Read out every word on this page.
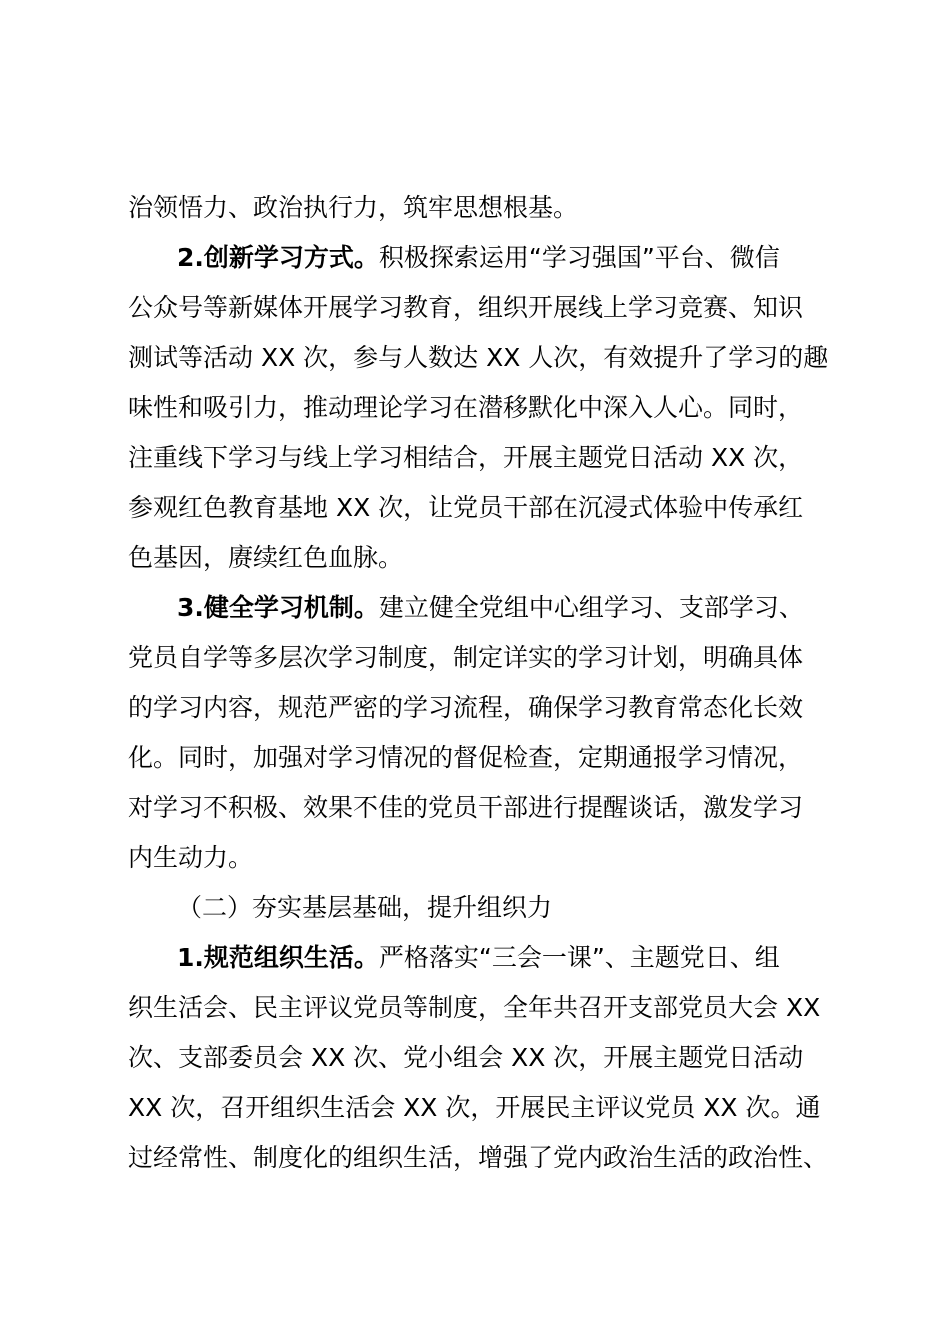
治领悟力、政治执行力，筑牢思想根基。
2.创新学习方式。积极探索运用“学习强国”平台、微信
公众号等新媒体开展学习教育，组织开展线上学习竞赛、知识
测试等活动 XX 次，参与人数达 XX 人次，有效提升了学习的趣
味性和吸引力，推动理论学习在潜移默化中深入人心。同时，
注重线下学习与线上学习相结合，开展主题党日活动 XX 次，
参观红色教育基地 XX 次，让党员干部在沉浸式体验中传承红
色基因，赓续红色血脉。
3.健全学习机制。建立健全党组中心组学习、支部学习、
党员自学等多层次学习制度，制定详实的学习计划，明确具体
的学习内容，规范严密的学习流程，确保学习教育常态化长效
化。同时，加强对学习情况的督促检查，定期通报学习情况，
对学习不积极、效果不佳的党员干部进行提醒谈话，激发学习
内生动力。
（二）夯实基层基础，提升组织力
1.规范组织生活。严格落实“三会一课”、主题党日、组
织生活会、民主评议党员等制度，全年共召开支部党员大会 XX
次、支部委员会 XX 次、党小组会 XX 次，开展主题党日活动
XX 次，召开组织生活会 XX 次，开展民主评议党员 XX 次。通
过经常性、制度化的组织生活，增强了党内政治生活的政治性、
